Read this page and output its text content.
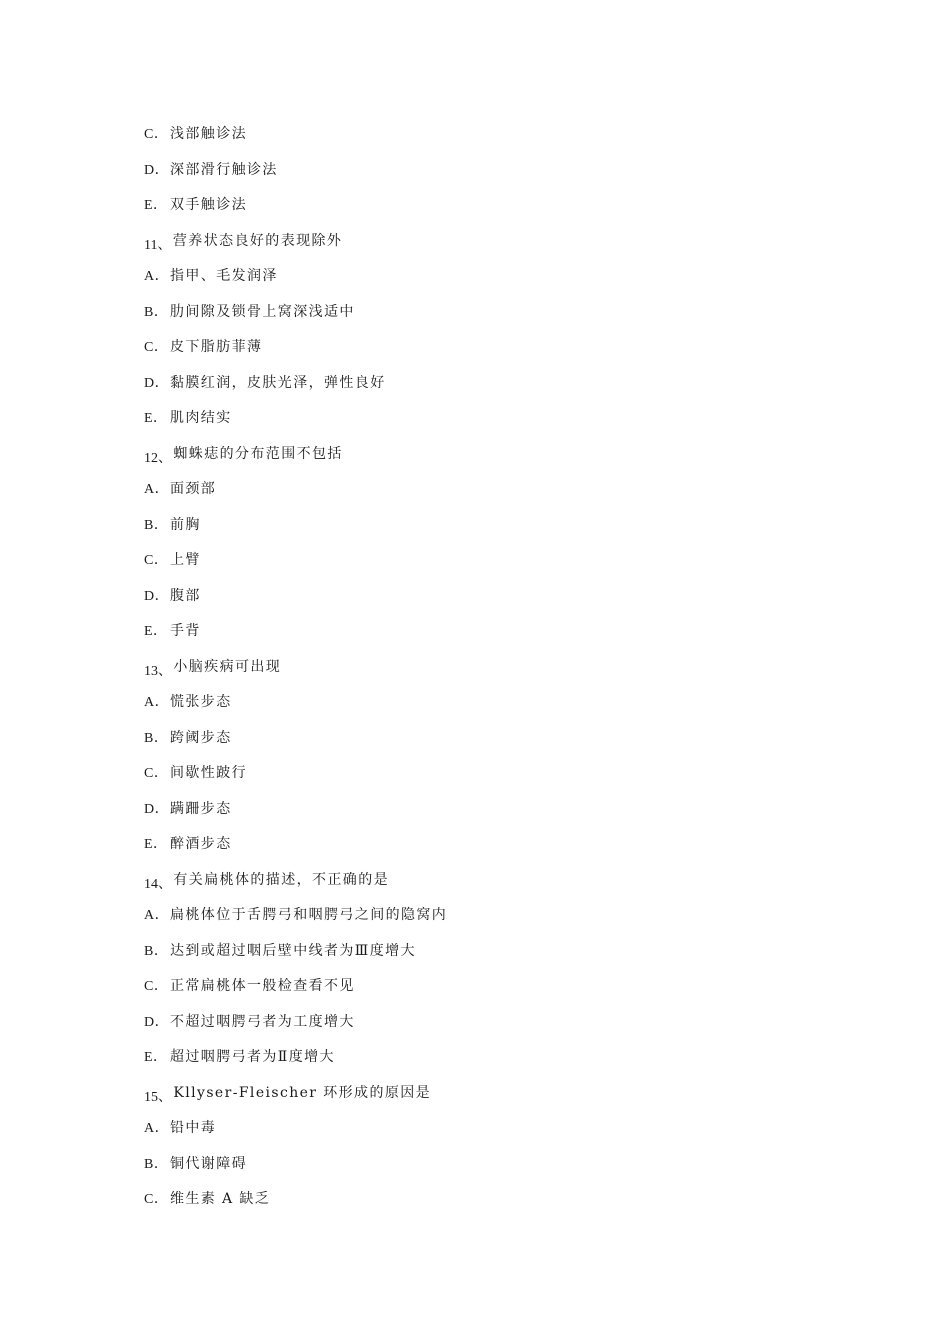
C． 浅部触诊法
D．深部滑行触诊法
E． 双手触诊法
11、营养状态良好的表现除外
A．指甲、毛发润泽
B． 肋间隙及锁骨上窝深浅适中
C． 皮下脂肪菲薄
D．黏膜红润，皮肤光泽，弹性良好
E． 肌肉结实
12、蜘蛛痣的分布范围不包括
A．面颈部
B． 前胸
C． 上臂
D．腹部
E． 手背
13、小脑疾病可出现
A．慌张步态
B． 跨阈步态
C． 间歇性跛行
D．蹒跚步态
E． 醉酒步态
14、有关扁桃体的描述，不正确的是
A．扁桃体位于舌腭弓和咽腭弓之间的隐窝内
B． 达到或超过咽后壁中线者为Ⅲ度增大
C． 正常扁桃体一般检查看不见
D．不超过咽腭弓者为工度增大
E． 超过咽腭弓者为Ⅱ度增大
15、Kllyser-Fleischer 环形成的原因是
A．铅中毒
B． 铜代谢障碍
C． 维生素 A 缺乏
